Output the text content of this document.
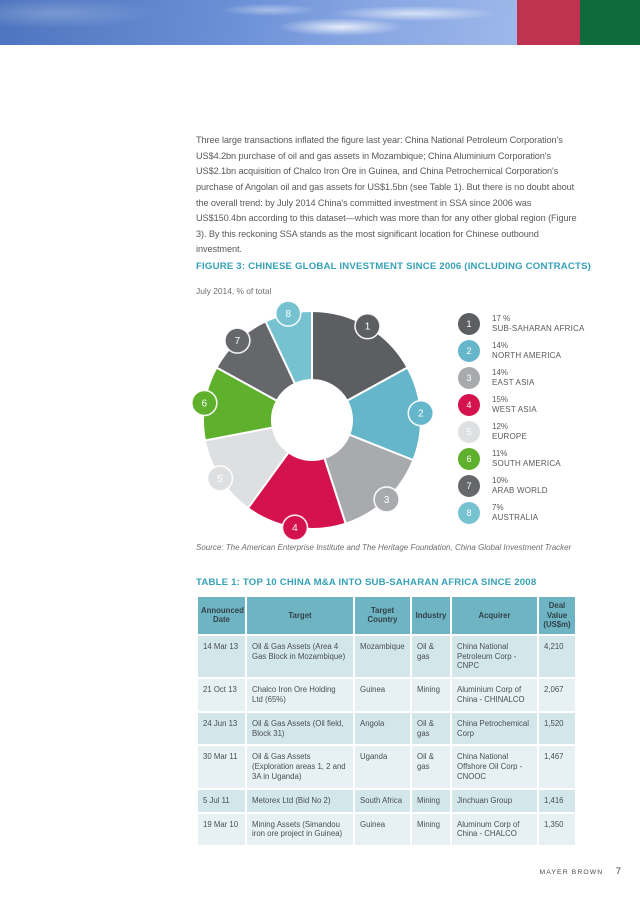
Three large transactions inflated the figure last year: China National Petroleum Corporation's US$4.2bn purchase of oil and gas assets in Mozambique; China Aluminium Corporation's US$2.1bn acquisition of Chalco Iron Ore in Guinea, and China Petrochemical Corporation's purchase of Angolan oil and gas assets for US$1.5bn (see Table 1). But there is no doubt about the overall trend: by July 2014 China's committed investment in SSA since 2006 was US$150.4bn according to this dataset—which was more than for any other global region (Figure 3). By this reckoning SSA stands as the most significant location for Chinese outbound investment.

FIGURE 3: CHINESE GLOBAL INVESTMENT SINCE 2006 (INCLUDING CONTRACTS)
July 2014, % of total
1
2
3
4
5
6
7
8
1
17 %
SUB-SAHARAN AFRICA
2
14%
NORTH AMERICA
3
14%
EAST ASIA
4
15%
WEST ASIA
5
12%
EUROPE
6
11%
SOUTH AMERICA
7
10%
ARAB WORLD
8
7%
AUSTRALIA
Source: The American Enterprise Institute and The Heritage Foundation, China Global Investment Tracker
TABLE 1: TOP 10 CHINA M&A INTO SUB-SAHARAN AFRICA SINCE 2008
Announced Date	Target	Target Country	Industry	Acquirer	Deal Value (US$m)
14 Mar 13	Oil & Gas Assets (Area 4 Gas Block in Mozambique)	Mozambique	Oil & gas	China National Petroleum Corp - CNPC	4,210
21 Oct 13	Chalco Iron Ore Holding Ltd (65%)	Guinea	Mining	Aluminium Corp of China - CHINALCO	2,067
24 Jun 13	Oil & Gas Assets (Oil field, Block 31)	Angola	Oil & gas	China Petrochemical Corp	1,520
30 Mar 11	Oil & Gas Assets (Exploration areas 1, 2 and 3A in Uganda)	Uganda	Oil & gas	China National Offshore Oil Corp - CNOOC	1,467
5 Jul 11	Metorex Ltd (Bid No 2)	South Africa	Mining	Jinchuan Group	1,416
19 Mar 10	Mining Assets (Simandou iron ore project in Guinea)	Guinea	Mining	Aluminum Corp of China - CHALCO	1,350
MAYER BROWN 7
